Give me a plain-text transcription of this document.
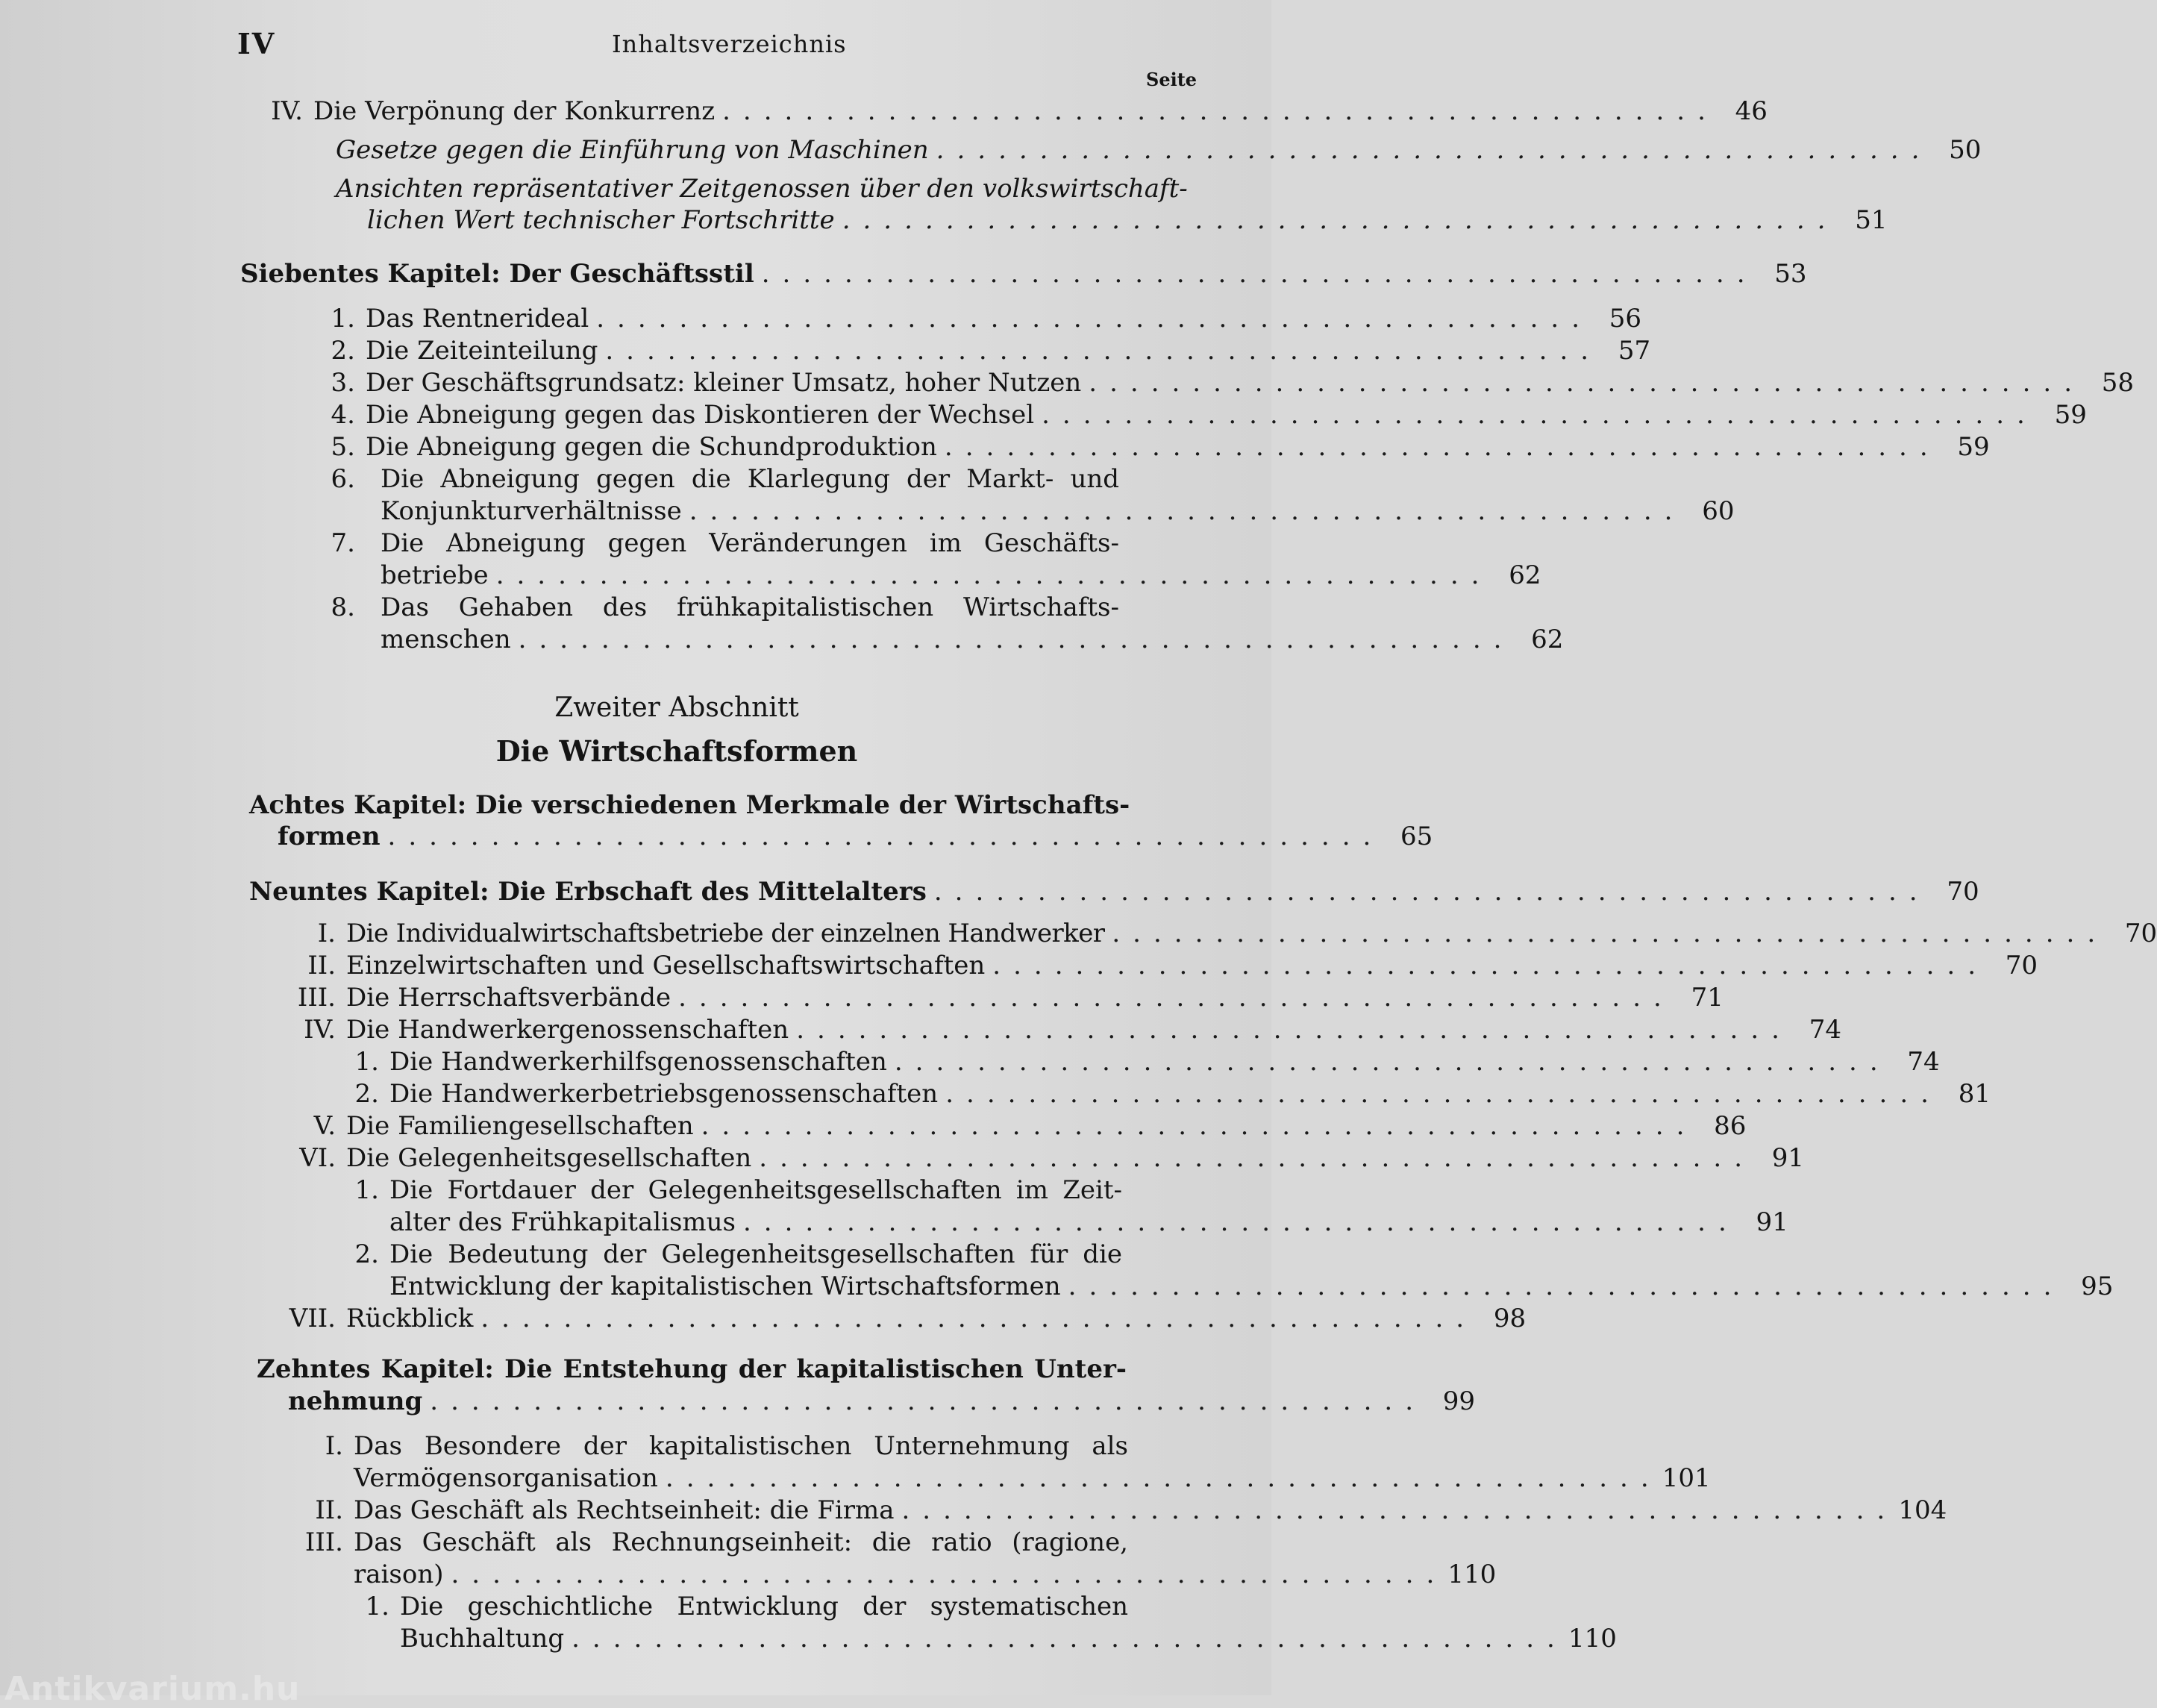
IV	Inhaltsverzeichnis
Seite
IV. Die Verpönung der Konkurrenz ................................................ 46
Gesetze gegen die Einführung von Maschinen ................................................ 50
Ansichten repräsentativer Zeitgenossen über den volkswirtschaft-
lichen Wert technischer Fortschritte ................................................ 51
Siebentes Kapitel: Der Geschäftsstil ................................................ 53
1. Das Rentnerideal ................................................ 56
2. Die Zeiteinteilung ................................................ 57
3. Der Geschäftsgrundsatz: kleiner Umsatz, hoher Nutzen ................................................ 58
4. Die Abneigung gegen das Diskontieren der Wechsel ................................................ 59
5. Die Abneigung gegen die Schundproduktion ................................................ 59
6.	Die Abneigung gegen die Klarlegung der Markt- und
Konjunkturverhältnisse ................................................ 60
7.	Die Abneigung gegen Veränderungen im Geschäfts-
betriebe ................................................ 62
8.	Das Gehaben des frühkapitalistischen Wirtschafts-
menschen ................................................ 62
Zweiter Abschnitt
Die Wirtschaftsformen
Achtes Kapitel: Die verschiedenen Merkmale der Wirtschafts-
formen ................................................ 65
Neuntes Kapitel: Die Erbschaft des Mittelalters ................................................ 70
I. Die Individualwirtschaftsbetriebe der einzelnen Handwerker ................................................ 70
II. Einzelwirtschaften und Gesellschaftswirtschaften ................................................ 70
III. Die Herrschaftsverbände ................................................ 71
IV. Die Handwerkergenossenschaften ................................................ 74
1. Die Handwerkerhilfsgenossenschaften ................................................ 74
2. Die Handwerkerbetriebsgenossenschaften ................................................ 81
V. Die Familiengesellschaften ................................................ 86
VI. Die Gelegenheitsgesellschaften ................................................ 91
1. Die Fortdauer der Gelegenheitsgesellschaften im Zeit-
alter des Frühkapitalismus ................................................ 91
2. Die Bedeutung der Gelegenheitsgesellschaften für die
Entwicklung der kapitalistischen Wirtschaftsformen ................................................ 95
VII. Rückblick ................................................ 98
Zehntes Kapitel: Die Entstehung der kapitalistischen Unter-
nehmung ................................................ 99
I. Das Besondere der kapitalistischen Unternehmung als
Vermögensorganisation ................................................ 101
II. Das Geschäft als Rechtseinheit: die Firma ................................................ 104
III. Das Geschäft als Rechnungseinheit: die ratio (ragione,
raison) ................................................ 110
1. Die geschichtliche Entwicklung der systematischen
Buchhaltung ................................................ 110
Antikvarium.hu
